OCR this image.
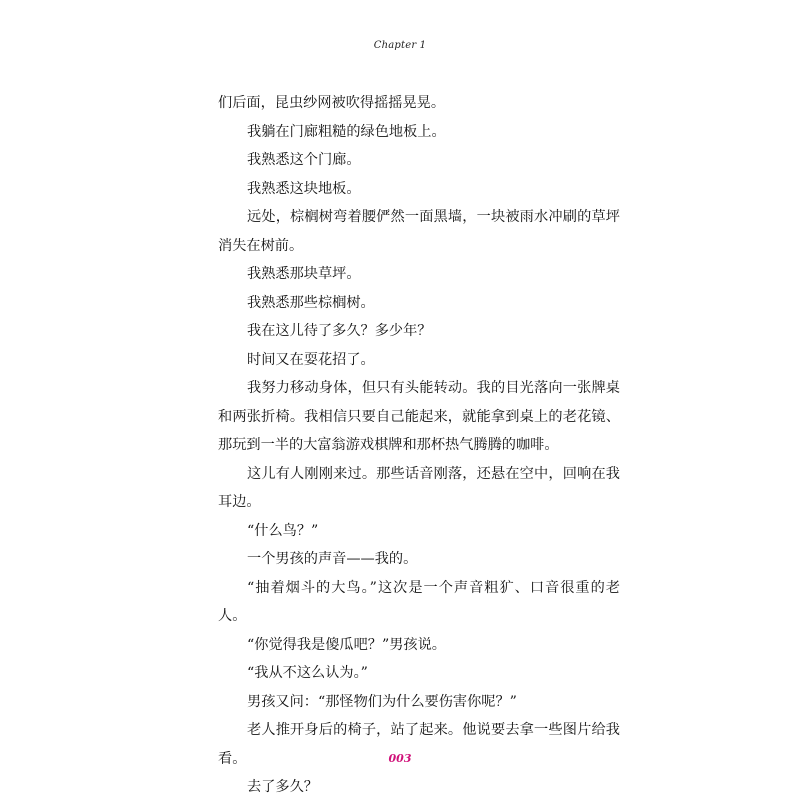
Chapter 1

们后面，昆虫纱网被吹得摇摇晃晃。

我躺在门廊粗糙的绿色地板上。

我熟悉这个门廊。

我熟悉这块地板。

远处，棕榈树弯着腰俨然一面黑墙，一块被雨水冲刷的草坪消失在树前。

我熟悉那块草坪。

我熟悉那些棕榈树。

我在这儿待了多久？多少年？

时间又在耍花招了。

我努力移动身体，但只有头能转动。我的目光落向一张牌桌和两张折椅。我相信只要自己能起来，就能拿到桌上的老花镜、那玩到一半的大富翁游戏棋牌和那杯热气腾腾的咖啡。

这儿有人刚刚来过。那些话音刚落，还悬在空中，回响在我耳边。

“什么鸟？”

一个男孩的声音——我的。

“抽着烟斗的大鸟。”这次是一个声音粗犷、口音很重的老人。

“你觉得我是傻瓜吧？”男孩说。

“我从不这么认为。”

男孩又问：“那怪物们为什么要伤害你呢？”

老人推开身后的椅子，站了起来。他说要去拿一些图片给我看。

去了多久？

003
